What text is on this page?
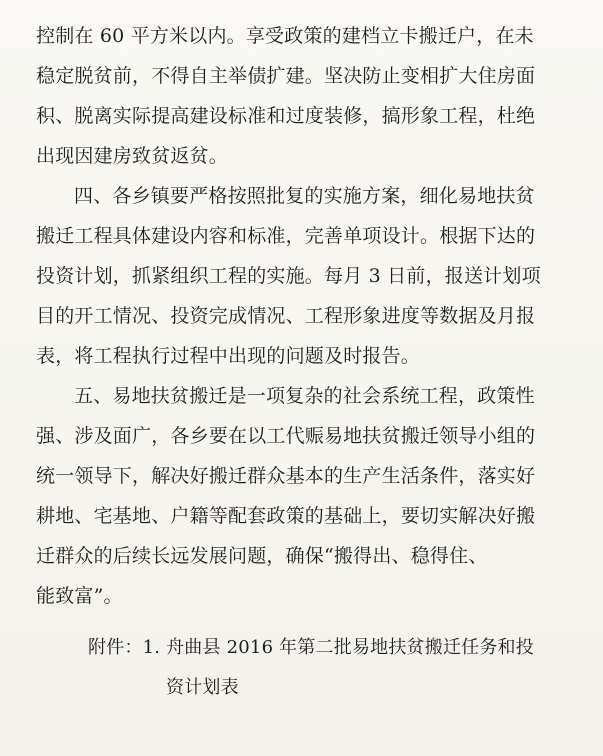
控制在 60 平方米以内。享受政策的建档立卡搬迁户，在未
稳定脱贫前，不得自主举债扩建。坚决防止变相扩大住房面
积、脱离实际提高建设标准和过度装修，搞形象工程，杜绝
出现因建房致贫返贫。
四、各乡镇要严格按照批复的实施方案，细化易地扶贫
搬迁工程具体建设内容和标准，完善单项设计。根据下达的
投资计划，抓紧组织工程的实施。每月 3 日前，报送计划项
目的开工情况、投资完成情况、工程形象进度等数据及月报
表，将工程执行过程中出现的问题及时报告。
五、易地扶贫搬迁是一项复杂的社会系统工程，政策性
强、涉及面广，各乡要在以工代赈易地扶贫搬迁领导小组的
统一领导下，解决好搬迁群众基本的生产生活条件，落实好
耕地、宅基地、户籍等配套政策的基础上，要切实解决好搬
迁群众的后续长远发展问题，确保“搬得出、稳得住、
能致富”。
附件：1. 舟曲县 2016 年第二批易地扶贫搬迁任务和投
资计划表
